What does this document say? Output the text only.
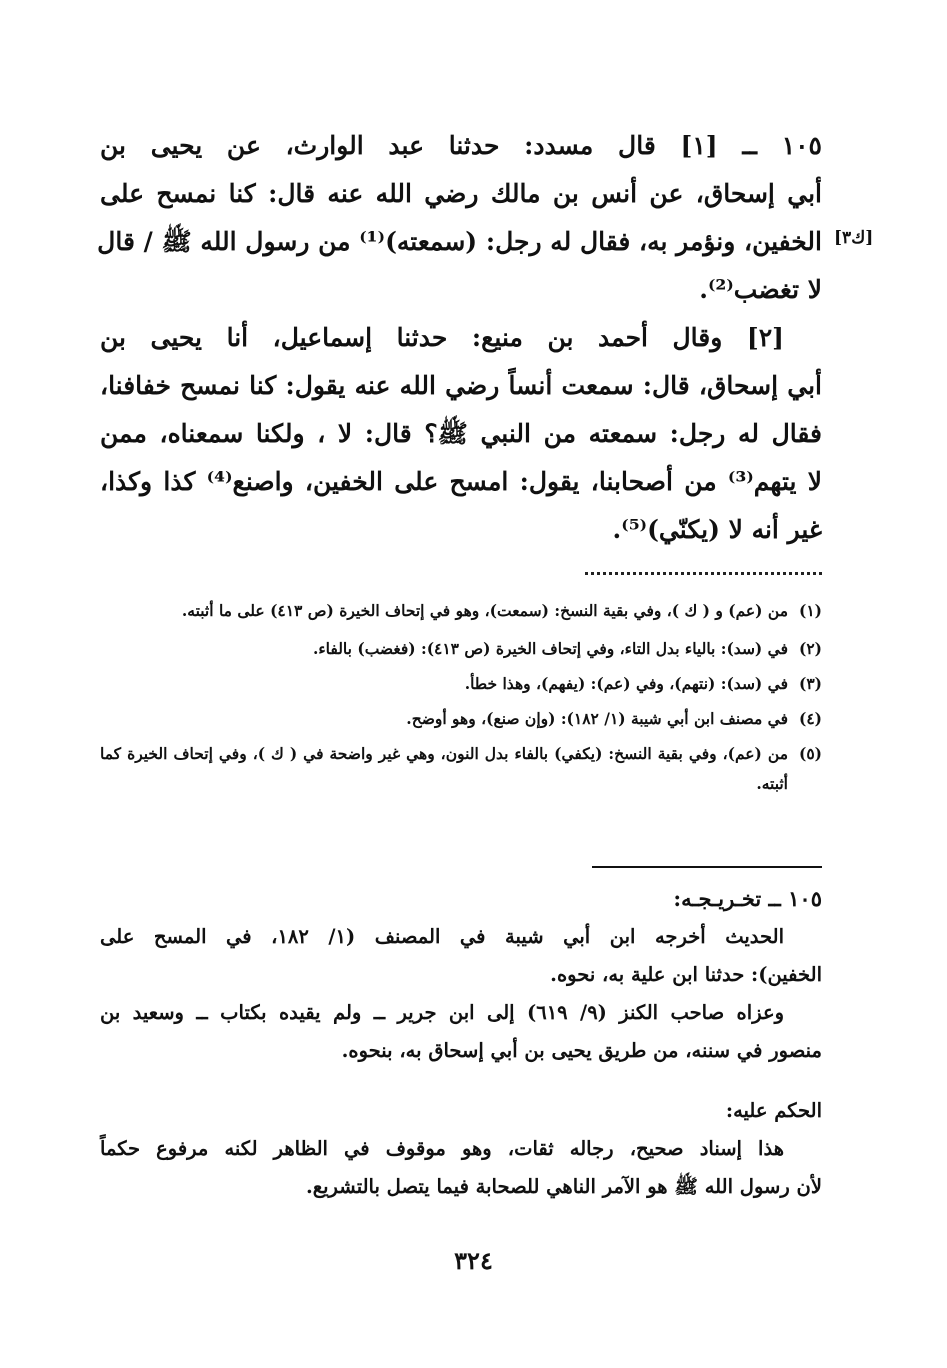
١٠٥ ــ [١] قال مسدد: حدثنا عبد الوارث، عن يحيى بن
أبي إسحاق، عن أنس بن مالك رضي الله عنه قال: كنا نمسح على
الخفين، ونؤمر به، فقال له رجل: (سمعته)⁽¹⁾ من رسول الله ﷺ / قال
لا تغضب⁽²⁾.
[ك٣]
[٢] وقال أحمد بن منيع: حدثنا إسماعيل، أنا يحيى بن
أبي إسحاق، قال: سمعت أنساً رضي الله عنه يقول: كنا نمسح خفافنا،
فقال له رجل: سمعته من النبي ﷺ؟ قال: لا ، ولكنا سمعناه، ممن
لا يتهم⁽³⁾ من أصحابنا، يقول: امسح على الخفين، واصنع⁽⁴⁾ كذا وكذا،
غير أنه لا (يكنّي)⁽⁵⁾.
(١)
من (عم) و ( ك )، وفي بقية النسخ: (سمعت)، وهو في إتحاف الخيرة (ص ٤١٣) على ما أثبته.
(٢)
في (سد): بالياء بدل التاء، وفي إتحاف الخيرة (ص ٤١٣): (فغضب) بالفاء.
(٣)
في (سد): (نتهم)، وفي (عم): (يفهم)، وهذا خطأ.
(٤)
في مصنف ابن أبي شيبة (١/ ١٨٢): (وإن صنع)، وهو أوضح.
(٥)
من (عم)، وفي بقية النسخ: (يكفي) بالفاء بدل النون، وهي غير واضحة في ( ك )، وفي إتحاف الخيرة كما أثبته.
١٠٥ ــ تخـريـجـه:
الحديث أخرجه ابن أبي شيبة في المصنف (١/ ١٨٢، في المسح على
الخفين): حدثنا ابن علية به، نحوه.
وعزاه صاحب الكنز (٩/ ٦١٩) إلى ابن جرير ــ ولم يقيده بكتاب ــ وسعيد بن
منصور في سننه، من طريق يحيى بن أبي إسحاق به، بنحوه.
الحكم عليه:
هذا إسناد صحيح، رجاله ثقات، وهو موقوف في الظاهر لكنه مرفوع حكماً
لأن رسول الله ﷺ هو الآمر الناهي للصحابة فيما يتصل بالتشريع.
٣٢٤
